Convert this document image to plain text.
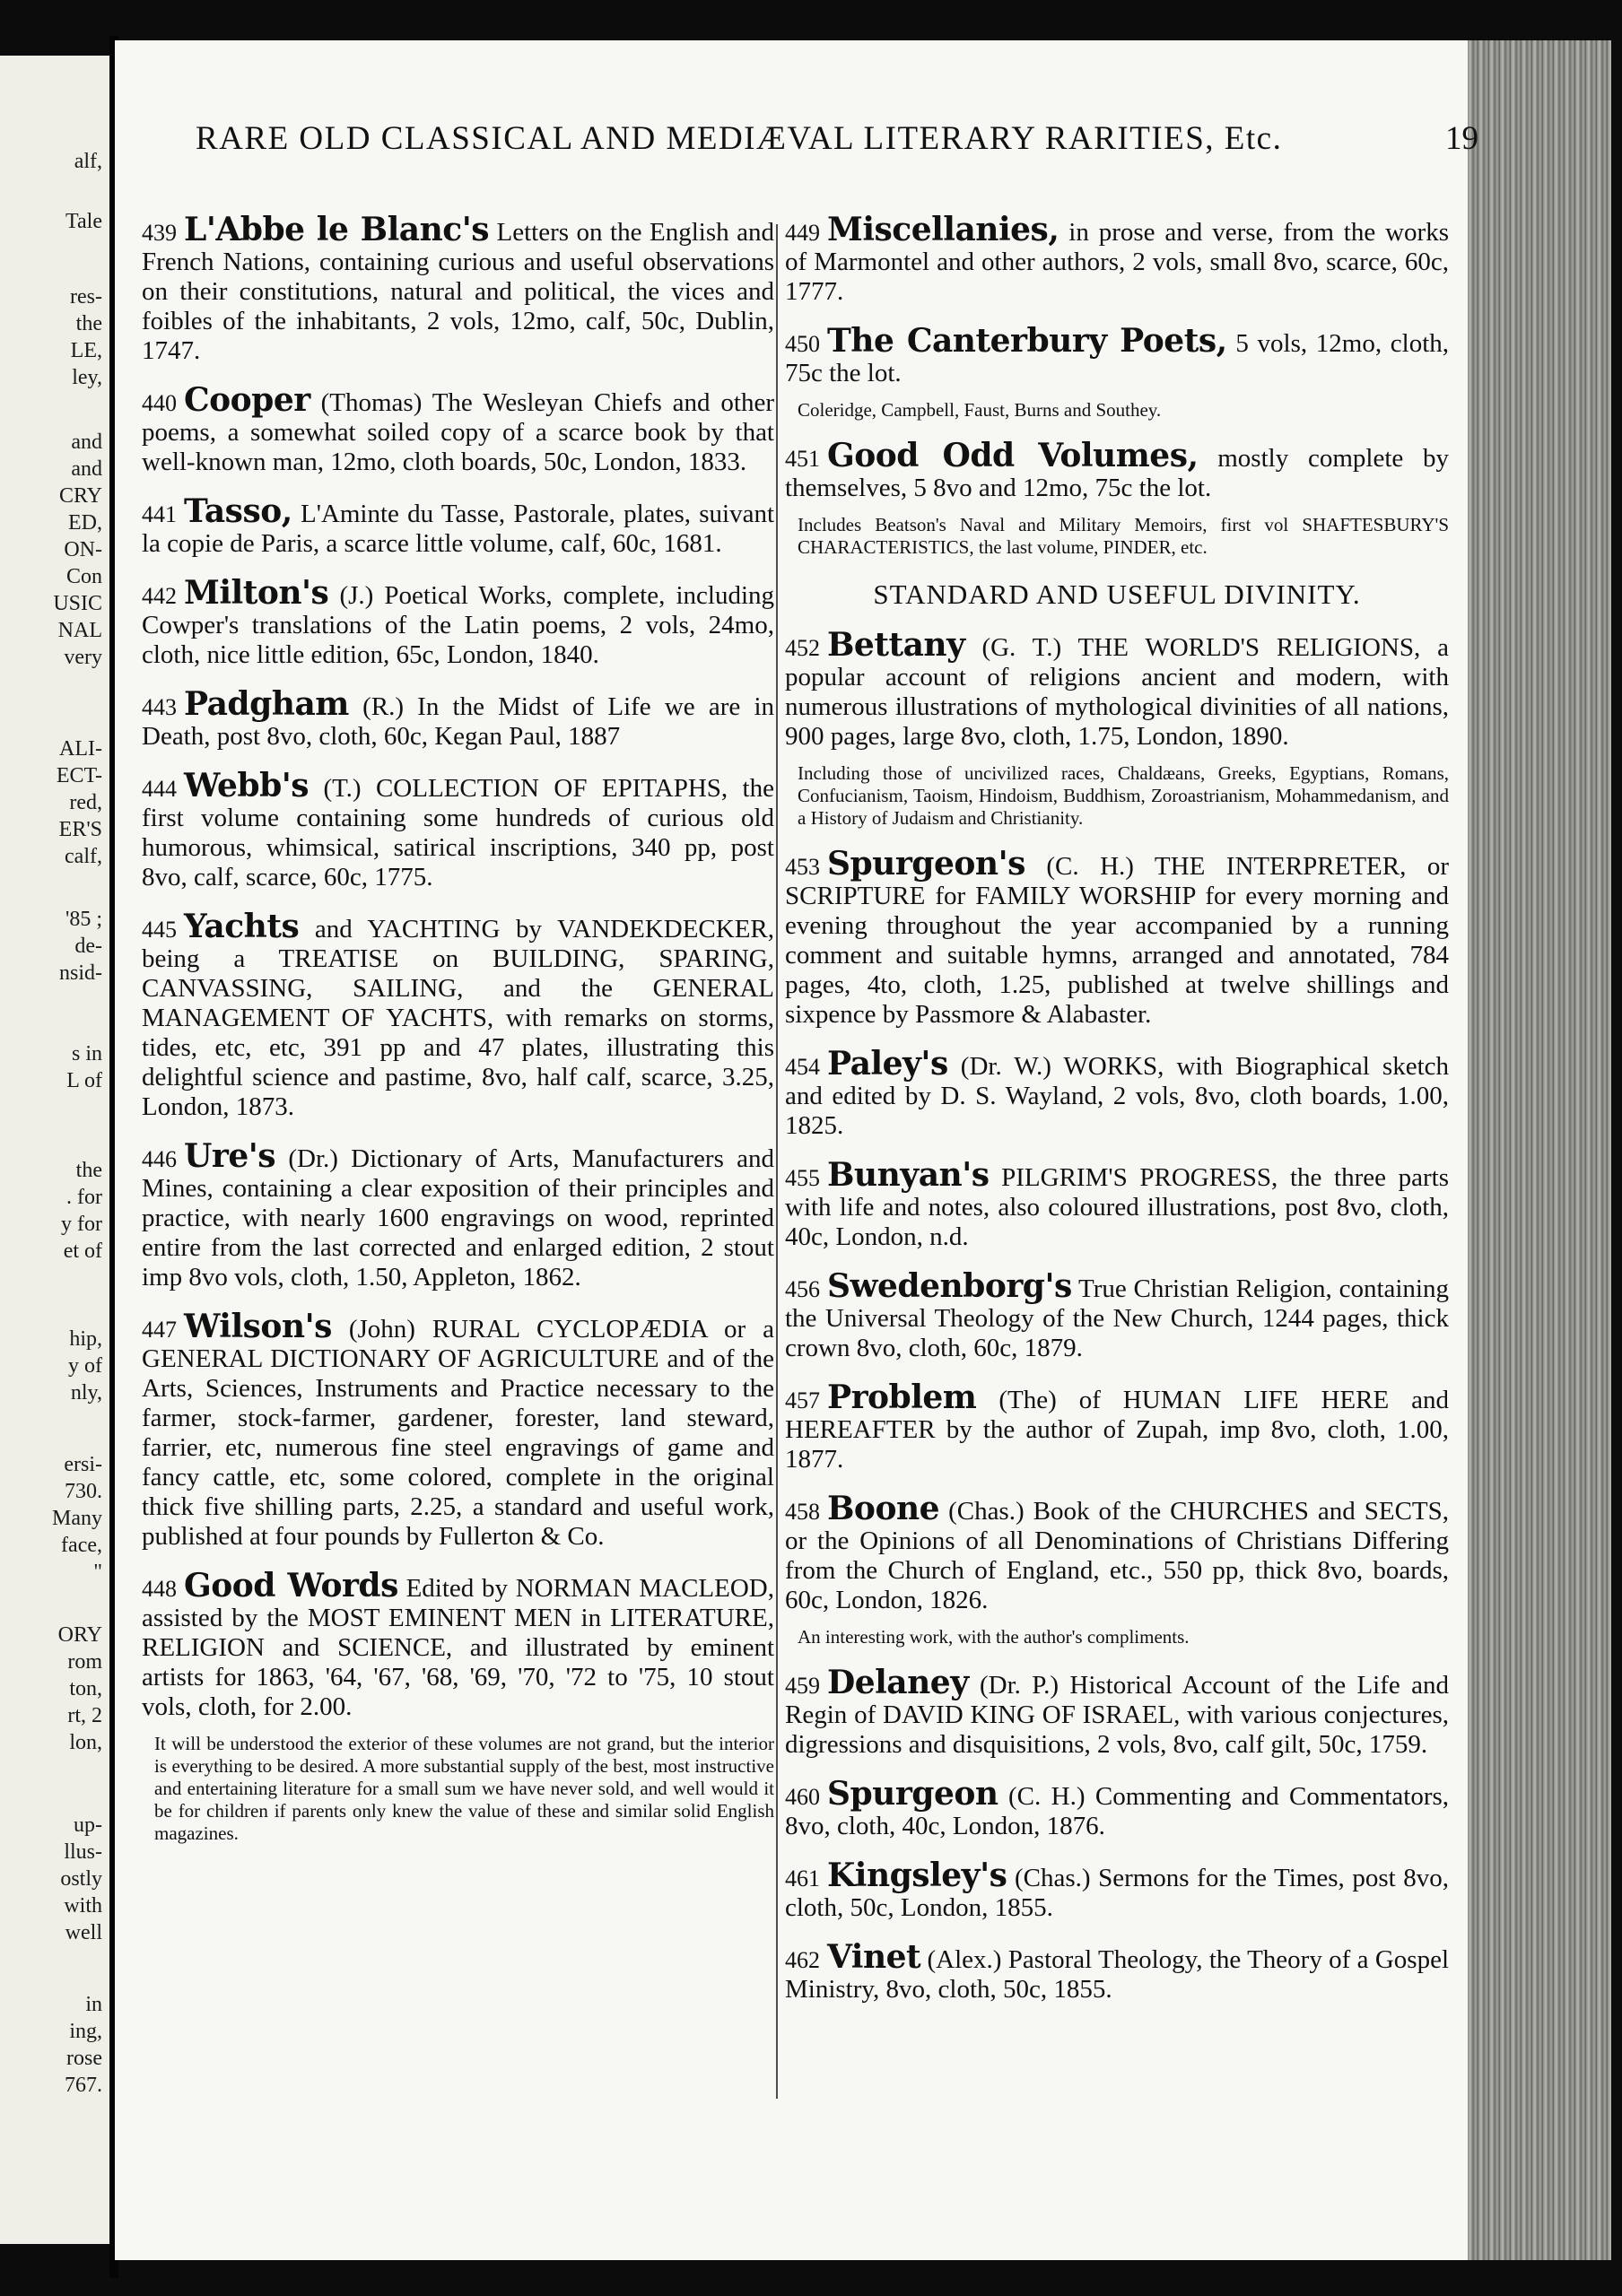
alf,
Tale
res-
the
LE,
ley,
and
and
CRY
ED,
ON-
Con
USIC
NAL
very
ALI-
ECT-
red,
ER'S
calf,
'85 ;
de-
nsid-
s in
L of
the
. for
y for
et of
hip,
y of
nly,
ersi-
730.
Many
face,
"
ORY
rom
ton,
rt, 2
lon,
up-
llus-
ostly
with
well
in
ing,
rose
767.
RARE OLD CLASSICAL AND MEDIÆVAL LITERARY RARITIES, Etc.	19
439 L'Abbe le Blanc's Letters on the English and French Nations, containing curious and useful observations on their constitutions, natural and political, the vices and foibles of the inhabitants, 2 vols, 12mo, calf, 50c, Dublin, 1747.
440 Cooper (Thomas) The Wesleyan Chiefs and other poems, a somewhat soiled copy of a scarce book by that well-known man, 12mo, cloth boards, 50c, London, 1833.
441 Tasso, L'Aminte du Tasse, Pastorale, plates, suivant la copie de Paris, a scarce little volume, calf, 60c, 1681.
442 Milton's (J.) Poetical Works, complete, including Cowper's translations of the Latin poems, 2 vols, 24mo, cloth, nice little edition, 65c, London, 1840.
443 Padgham (R.) In the Midst of Life we are in Death, post 8vo, cloth, 60c, Kegan Paul, 1887
444 Webb's (T.) COLLECTION OF EPITAPHS, the first volume containing some hundreds of curious old humorous, whimsical, satirical inscriptions, 340 pp, post 8vo, calf, scarce, 60c, 1775.
445 Yachts and YACHTING by VANDEKDECKER, being a TREATISE on BUILDING, SPARING, CANVASSING, SAILING, and the GENERAL MANAGEMENT OF YACHTS, with remarks on storms, tides, etc, etc, 391 pp and 47 plates, illustrating this delightful science and pastime, 8vo, half calf, scarce, 3.25, London, 1873.
446 Ure's (Dr.) Dictionary of Arts, Manufacturers and Mines, containing a clear exposition of their principles and practice, with nearly 1600 engravings on wood, reprinted entire from the last corrected and enlarged edition, 2 stout imp 8vo vols, cloth, 1.50, Appleton, 1862.
447 Wilson's (John) RURAL CYCLOPÆDIA or a GENERAL DICTIONARY OF AGRICULTURE and of the Arts, Sciences, Instruments and Practice necessary to the farmer, stock-farmer, gardener, forester, land steward, farrier, etc, numerous fine steel engravings of game and fancy cattle, etc, some colored, complete in the original thick five shilling parts, 2.25, a standard and useful work, published at four pounds by Fullerton & Co.
448 Good Words Edited by NORMAN MACLEOD, assisted by the MOST EMINENT MEN in LITERATURE, RELIGION and SCIENCE, and illustrated by eminent artists for 1863, '64, '67, '68, '69, '70, '72 to '75, 10 stout vols, cloth, for 2.00.
It will be understood the exterior of these volumes are not grand, but the interior is everything to be desired. A more substantial supply of the best, most instructive and entertaining literature for a small sum we have never sold, and well would it be for children if parents only knew the value of these and similar solid English magazines.
449 Miscellanies, in prose and verse, from the works of Marmontel and other authors, 2 vols, small 8vo, scarce, 60c, 1777.
450 The Canterbury Poets, 5 vols, 12mo, cloth, 75c the lot.
Coleridge, Campbell, Faust, Burns and Southey.
451 Good Odd Volumes, mostly complete by themselves, 5 8vo and 12mo, 75c the lot.
Includes Beatson's Naval and Military Memoirs, first vol SHAFTESBURY'S CHARACTERISTICS, the last volume, PINDER, etc.
STANDARD AND USEFUL DIVINITY.
452 Bettany (G. T.) THE WORLD'S RELIGIONS, a popular account of religions ancient and modern, with numerous illustrations of mythological divinities of all nations, 900 pages, large 8vo, cloth, 1.75, London, 1890.
Including those of uncivilized races, Chaldæans, Greeks, Egyptians, Romans, Confucianism, Taoism, Hindoism, Buddhism, Zoroastrianism, Mohammedanism, and a History of Judaism and Christianity.
453 Spurgeon's (C. H.) THE INTERPRETER, or SCRIPTURE for FAMILY WORSHIP for every morning and evening throughout the year accompanied by a running comment and suitable hymns, arranged and annotated, 784 pages, 4to, cloth, 1.25, published at twelve shillings and sixpence by Passmore & Alabaster.
454 Paley's (Dr. W.) WORKS, with Biographical sketch and edited by D. S. Wayland, 2 vols, 8vo, cloth boards, 1.00, 1825.
455 Bunyan's PILGRIM'S PROGRESS, the three parts with life and notes, also coloured illustrations, post 8vo, cloth, 40c, London, n.d.
456 Swedenborg's True Christian Religion, containing the Universal Theology of the New Church, 1244 pages, thick crown 8vo, cloth, 60c, 1879.
457 Problem (The) of HUMAN LIFE HERE and HEREAFTER by the author of Zupah, imp 8vo, cloth, 1.00, 1877.
458 Boone (Chas.) Book of the CHURCHES and SECTS, or the Opinions of all Denominations of Christians Differing from the Church of England, etc., 550 pp, thick 8vo, boards, 60c, London, 1826.
An interesting work, with the author's compliments.
459 Delaney (Dr. P.) Historical Account of the Life and Regin of DAVID KING OF ISRAEL, with various conjectures, digressions and disquisitions, 2 vols, 8vo, calf gilt, 50c, 1759.
460 Spurgeon (C. H.) Commenting and Commentators, 8vo, cloth, 40c, London, 1876.
461 Kingsley's (Chas.) Sermons for the Times, post 8vo, cloth, 50c, London, 1855.
462 Vinet (Alex.) Pastoral Theology, the Theory of a Gospel Ministry, 8vo, cloth, 50c, 1855.
